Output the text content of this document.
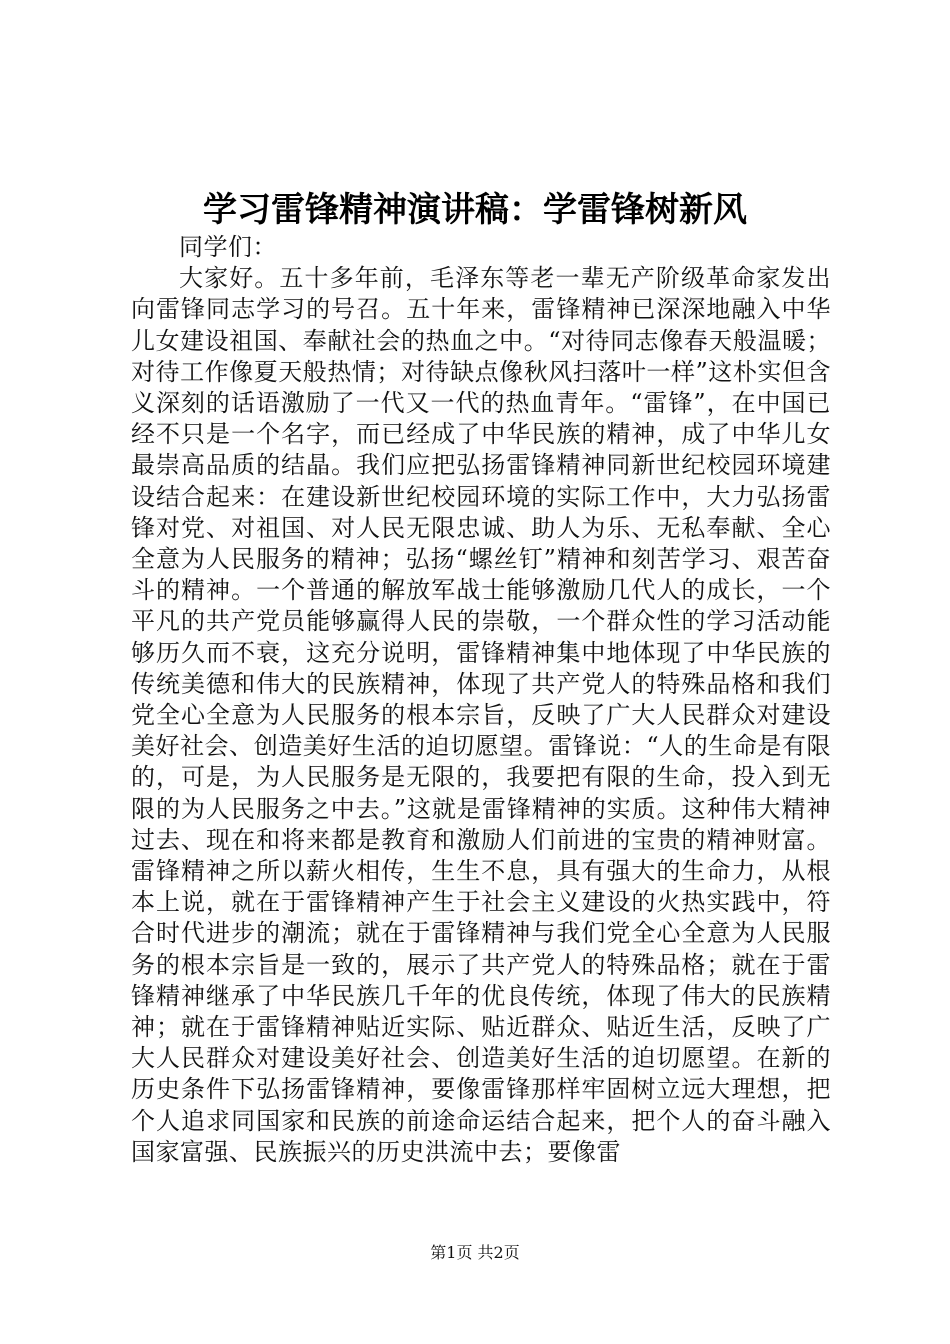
学习雷锋精神演讲稿：学雷锋树新风

同学们：

大家好。五十多年前，毛泽东等老一辈无产阶级革命家发出向雷锋同志学习的号召。五十年来，雷锋精神已深深地融入中华儿女建设祖国、奉献社会的热血之中。“对待同志像春天般温暖；对待工作像夏天般热情；对待缺点像秋风扫落叶一样”这朴实但含义深刻的话语激励了一代又一代的热血青年。“雷锋”，在中国已经不只是一个名字，而已经成了中华民族的精神，成了中华儿女最崇高品质的结晶。我们应把弘扬雷锋精神同新世纪校园环境建设结合起来：在建设新世纪校园环境的实际工作中，大力弘扬雷锋对党、对祖国、对人民无限忠诚、助人为乐、无私奉献、全心全意为人民服务的精神；弘扬“螺丝钉”精神和刻苦学习、艰苦奋斗的精神。一个普通的解放军战士能够激励几代人的成长，一个平凡的共产党员能够赢得人民的崇敬，一个群众性的学习活动能够历久而不衰，这充分说明，雷锋精神集中地体现了中华民族的传统美德和伟大的民族精神，体现了共产党人的特殊品格和我们党全心全意为人民服务的根本宗旨，反映了广大人民群众对建设美好社会、创造美好生活的迫切愿望。雷锋说：“人的生命是有限的，可是，为人民服务是无限的，我要把有限的生命，投入到无限的为人民服务之中去。”这就是雷锋精神的实质。这种伟大精神过去、现在和将来都是教育和激励人们前进的宝贵的精神财富。雷锋精神之所以薪火相传，生生不息，具有强大的生命力，从根本上说，就在于雷锋精神产生于社会主义建设的火热实践中，符合时代进步的潮流；就在于雷锋精神与我们党全心全意为人民服务的根本宗旨是一致的，展示了共产党人的特殊品格；就在于雷锋精神继承了中华民族几千年的优良传统，体现了伟大的民族精神；就在于雷锋精神贴近实际、贴近群众、贴近生活，反映了广大人民群众对建设美好社会、创造美好生活的迫切愿望。在新的历史条件下弘扬雷锋精神，要像雷锋那样牢固树立远大理想，把个人追求同国家和民族的前途命运结合起来，把个人的奋斗融入国家富强、民族振兴的历史洪流中去；要像雷

第1页 共2页
